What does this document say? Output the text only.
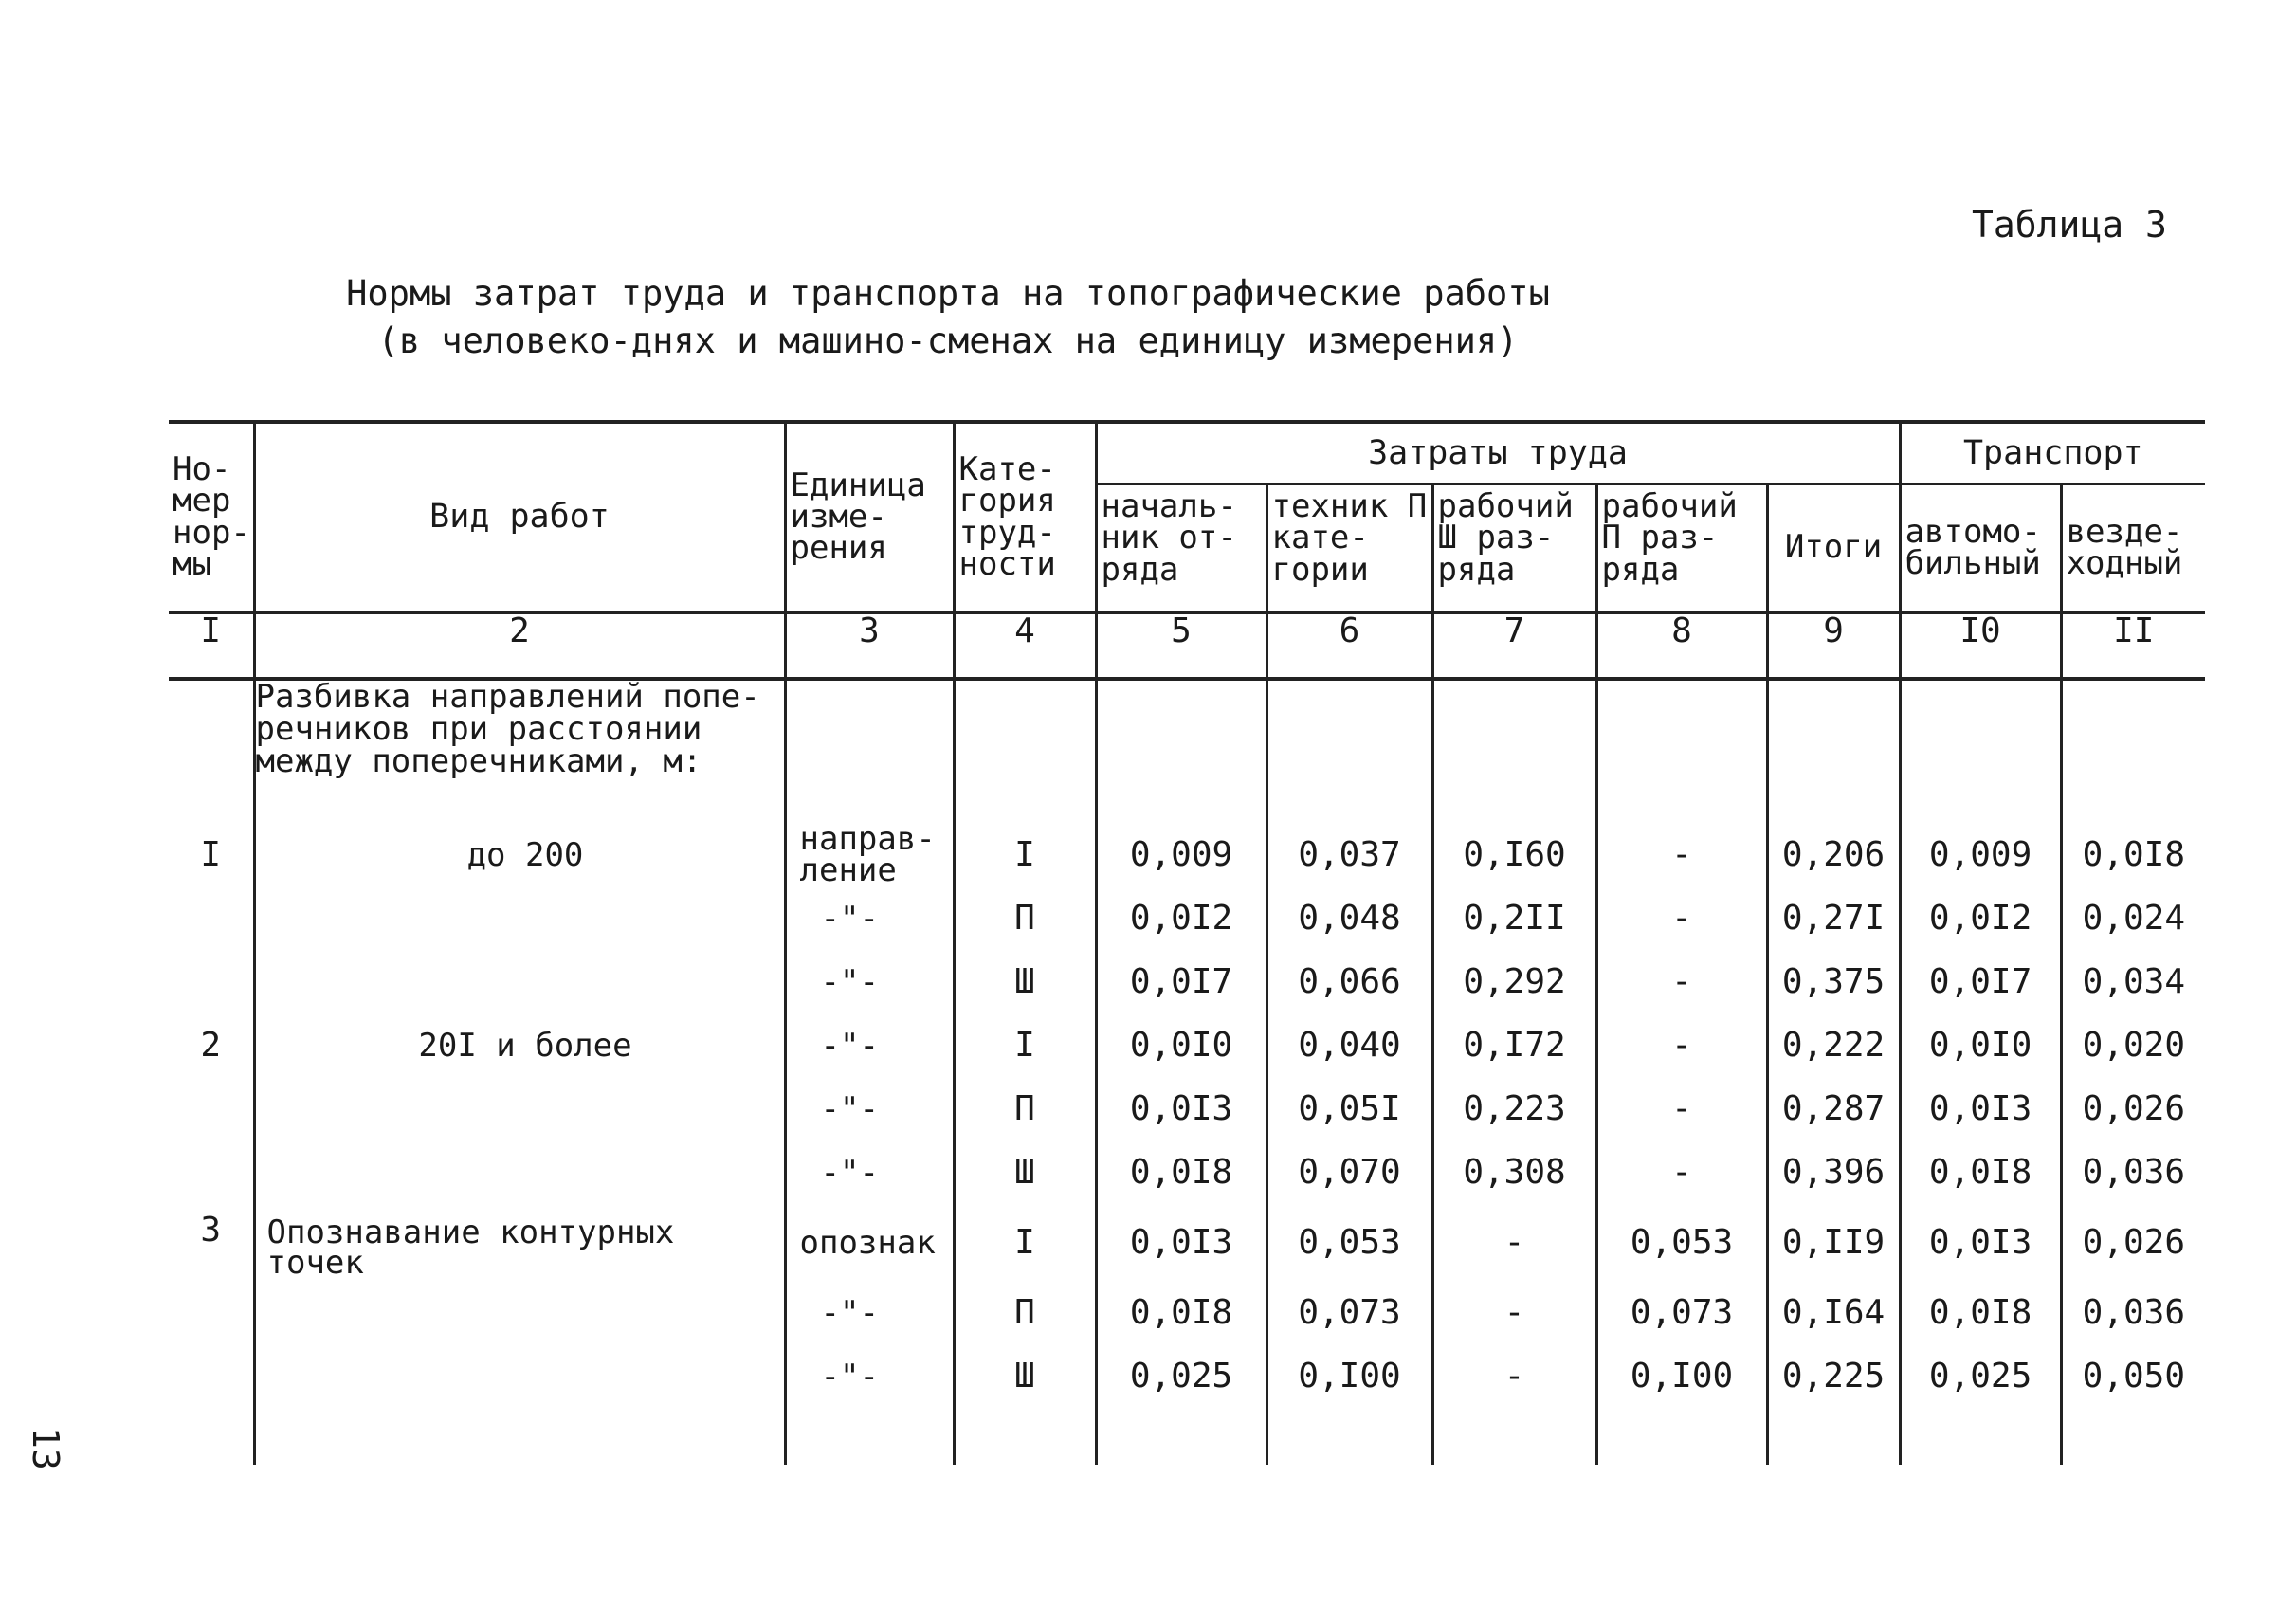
Таблица 3
Нормы затрат труда и транспорта на топографические работы
(в человеко-днях и машино-сменах на единицу измерения)
Но- мер нор- мы	Вид работ	Единица изме- рения	Кате- гория труд- ности	Затраты труда					Транспорт	
				началь- ник от- ряда	техник П кате- гории	рабочий Ш раз- ряда	рабочий П раз- ряда	Итоги	автомо- бильный	везде- ходный
I	2	3	4	5	6	7	8	9	I0	II
	Разбивка направлений попе- речников при расстоянии между поперечниками, м:									
I	до 200	направ- ление	I	0,009	0,037	0,I60	-	0,206	0,009	0,0I8
		-"-	П	0,0I2	0,048	0,2II	-	0,27I	0,0I2	0,024
		-"-	Ш	0,0I7	0,066	0,292	-	0,375	0,0I7	0,034
2	20I и более	-"-	I	0,0I0	0,040	0,I72	-	0,222	0,0I0	0,020
		-"-	П	0,0I3	0,05I	0,223	-	0,287	0,0I3	0,026
		-"-	Ш	0,0I8	0,070	0,308	-	0,396	0,0I8	0,036
3	Опознавание контурных точек	опознак	I	0,0I3	0,053	-	0,053	0,II9	0,0I3	0,026
		-"-	П	0,0I8	0,073	-	0,073	0,I64	0,0I8	0,036
		-"-	Ш	0,025	0,I00	-	0,I00	0,225	0,025	0,050

13
